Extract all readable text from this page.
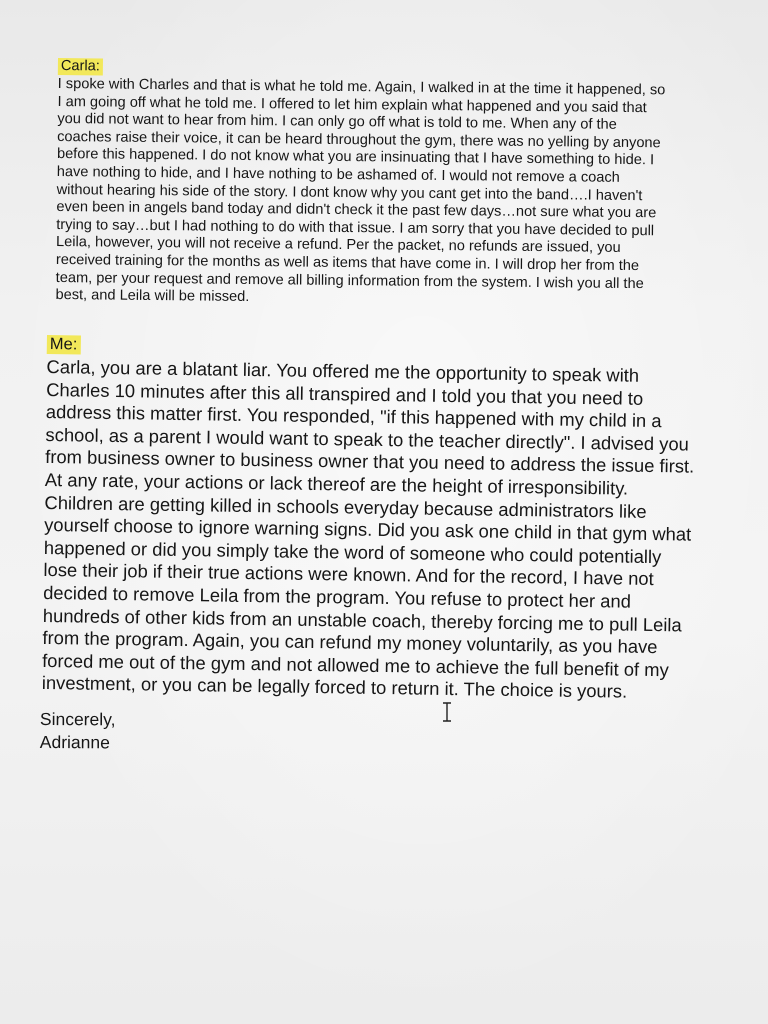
Carla:
I spoke with Charles and that is what he told me. Again, I walked in at the time it happened, so
I am going off what he told me. I offered to let him explain what happened and you said that
you did not want to hear from him. I can only go off what is told to me. When any of the
coaches raise their voice, it can be heard throughout the gym, there was no yelling by anyone
before this happened. I do not know what you are insinuating that I have something to hide. I
have nothing to hide, and I have nothing to be ashamed of. I would not remove a coach
without hearing his side of the story. I dont know why you cant get into the band….I haven't
even been in angels band today and didn't check it the past few days…not sure what you are
trying to say…but I had nothing to do with that issue. I am sorry that you have decided to pull
Leila, however, you will not receive a refund. Per the packet, no refunds are issued, you
received training for the months as well as items that have come in. I will drop her from the
team, per your request and remove all billing information from the system. I wish you all the
best, and Leila will be missed.
Me:
Carla, you are a blatant liar. You offered me the opportunity to speak with
Charles 10 minutes after this all transpired and I told you that you need to
address this matter first. You responded, "if this happened with my child in a
school, as a parent I would want to speak to the teacher directly". I advised you
from business owner to business owner that you need to address the issue first.
At any rate, your actions or lack thereof are the height of irresponsibility.
Children are getting killed in schools everyday because administrators like
yourself choose to ignore warning signs. Did you ask one child in that gym what
happened or did you simply take the word of someone who could potentially
lose their job if their true actions were known. And for the record, I have not
decided to remove Leila from the program. You refuse to protect her and
hundreds of other kids from an unstable coach, thereby forcing me to pull Leila
from the program. Again, you can refund my money voluntarily, as you have
forced me out of the gym and not allowed me to achieve the full benefit of my
investment, or you can be legally forced to return it. The choice is yours.
Sincerely,
Adrianne
